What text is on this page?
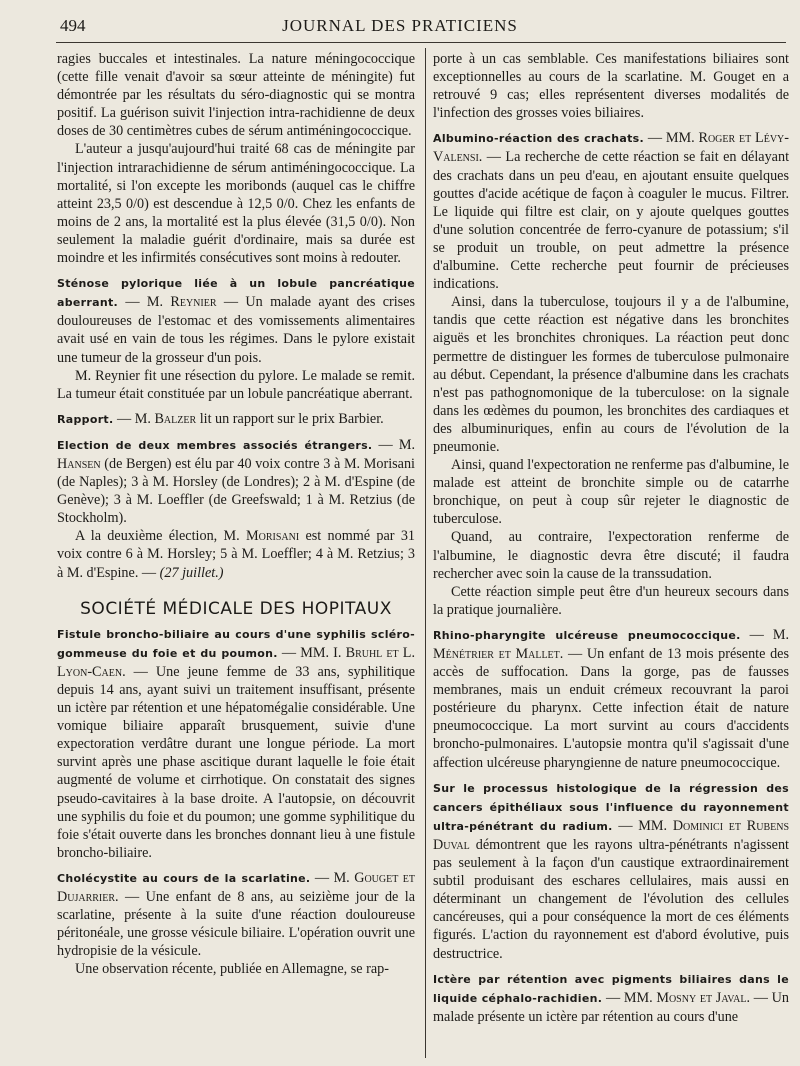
494	JOURNAL DES PRATICIENS

ragies buccales et intestinales. La nature méningococcique (cette fille venait d'avoir sa sœur atteinte de méningite) fut démontrée par les résultats du séro-diagnostic qui se montra positif. La guérison suivit l'injection intra-rachidienne de deux doses de 30 centimètres cubes de sérum antiméningococcique.

L'auteur a jusqu'aujourd'hui traité 68 cas de méningite par l'injection intrarachidienne de sérum antiméningococcique. La mortalité, si l'on excepte les moribonds (auquel cas le chiffre atteint 23,5 0/0) est descendue à 12,5 0/0. Chez les enfants de moins de 2 ans, la mortalité est la plus élevée (31,5 0/0). Non seulement la maladie guérit d'ordinaire, mais sa durée est moindre et les infirmités consécutives sont moins à redouter.

Sténose pylorique liée à un lobule pancréatique aberrant. — M. Reynier — Un malade ayant des crises douloureuses de l'estomac et des vomissements alimentaires avait usé en vain de tous les régimes. Dans le pylore existait une tumeur de la grosseur d'un pois.

M. Reynier fit une résection du pylore. Le malade se remit. La tumeur était constituée par un lobule pancréatique aberrant.

Rapport. — M. Balzer lit un rapport sur le prix Barbier.

Election de deux membres associés étrangers. — M. Hansen (de Bergen) est élu par 40 voix contre 3 à M. Morisani (de Naples); 3 à M. Horsley (de Londres); 2 à M. d'Espine (de Genève); 3 à M. Loeffler (de Greefswald; 1 à M. Retzius (de Stockholm).

A la deuxième élection, M. Morisani est nommé par 31 voix contre 6 à M. Horsley; 5 à M. Loeffler; 4 à M. Retzius; 3 à M. d'Espine. — (27 juillet.)

SOCIÉTÉ MÉDICALE DES HOPITAUX

Fistule broncho-biliaire au cours d'une syphilis scléro-gommeuse du foie et du poumon. — MM. I. Bruhl et L. Lyon-Caen. — Une jeune femme de 33 ans, syphilitique depuis 14 ans, ayant suivi un traitement insuffisant, présente un ictère par rétention et une hépatomégalie considérable. Une vomique biliaire apparaît brusquement, suivie d'une expectoration verdâtre durant une longue période. La mort survint après une phase ascitique durant laquelle le foie était augmenté de volume et cirrhotique. On constatait des signes pseudo-cavitaires à la base droite. A l'autopsie, on découvrit une syphilis du foie et du poumon; une gomme syphilitique du foie s'était ouverte dans les bronches donnant lieu à une fistule broncho-biliaire.

Cholécystite au cours de la scarlatine. — M. Gouget et Dujarrier. — Une enfant de 8 ans, au seizième jour de la scarlatine, présente à la suite d'une réaction douloureuse péritonéale, une grosse vésicule biliaire. L'opération ouvrit une hydropisie de la vésicule.

Une observation récente, publiée en Allemagne, se rap-

porte à un cas semblable. Ces manifestations biliaires sont exceptionnelles au cours de la scarlatine. M. Gouget en a retrouvé 9 cas; elles représentent diverses modalités de l'infection des grosses voies biliaires.

Albumino-réaction des crachats. — MM. Roger et Lévy-Valensi. — La recherche de cette réaction se fait en délayant des crachats dans un peu d'eau, en ajoutant ensuite quelques gouttes d'acide acétique de façon à coaguler le mucus. Filtrer. Le liquide qui filtre est clair, on y ajoute quelques gouttes d'une solution concentrée de ferro-cyanure de potassium; s'il se produit un trouble, on peut admettre la présence d'albumine. Cette recherche peut fournir de précieuses indications.

Ainsi, dans la tuberculose, toujours il y a de l'albumine, tandis que cette réaction est négative dans les bronchites aiguës et les bronchites chroniques. La réaction peut donc permettre de distinguer les formes de tuberculose pulmonaire au début. Cependant, la présence d'albumine dans les crachats n'est pas pathognomonique de la tuberculose: on la signale dans les œdèmes du poumon, les bronchites des cardiaques et des albuminuriques, enfin au cours de l'évolution de la pneumonie.

Ainsi, quand l'expectoration ne renferme pas d'albumine, le malade est atteint de bronchite simple ou de catarrhe bronchique, on peut à coup sûr rejeter le diagnostic de tuberculose.

Quand, au contraire, l'expectoration renferme de l'albumine, le diagnostic devra être discuté; il faudra rechercher avec soin la cause de la transsudation.

Cette réaction simple peut être d'un heureux secours dans la pratique journalière.

Rhino-pharyngite ulcéreuse pneumococcique. — M. Ménétrier et Mallet. — Un enfant de 13 mois présente des accès de suffocation. Dans la gorge, pas de fausses membranes, mais un enduit crémeux recouvrant la paroi postérieure du pharynx. Cette infection était de nature pneumococcique. La mort survint au cours d'accidents broncho-pulmonaires. L'autopsie montra qu'il s'agissait d'une affection ulcéreuse pharyngienne de nature pneumococcique.

Sur le processus histologique de la régression des cancers épithéliaux sous l'influence du rayonnement ultra-pénétrant du radium. — MM. Dominici et Rubens Duval démontrent que les rayons ultra-pénétrants n'agissent pas seulement à la façon d'un caustique extraordinairement subtil produisant des eschares cellulaires, mais aussi en déterminant un changement de l'évolution des cellules cancéreuses, qui a pour conséquence la mort de ces éléments figurés. L'action du rayonnement est d'abord évolutive, puis destructrice.

Ictère par rétention avec pigments biliaires dans le liquide céphalo-rachidien. — MM. Mosny et Javal. — Un malade présente un ictère par rétention au cours d'une
